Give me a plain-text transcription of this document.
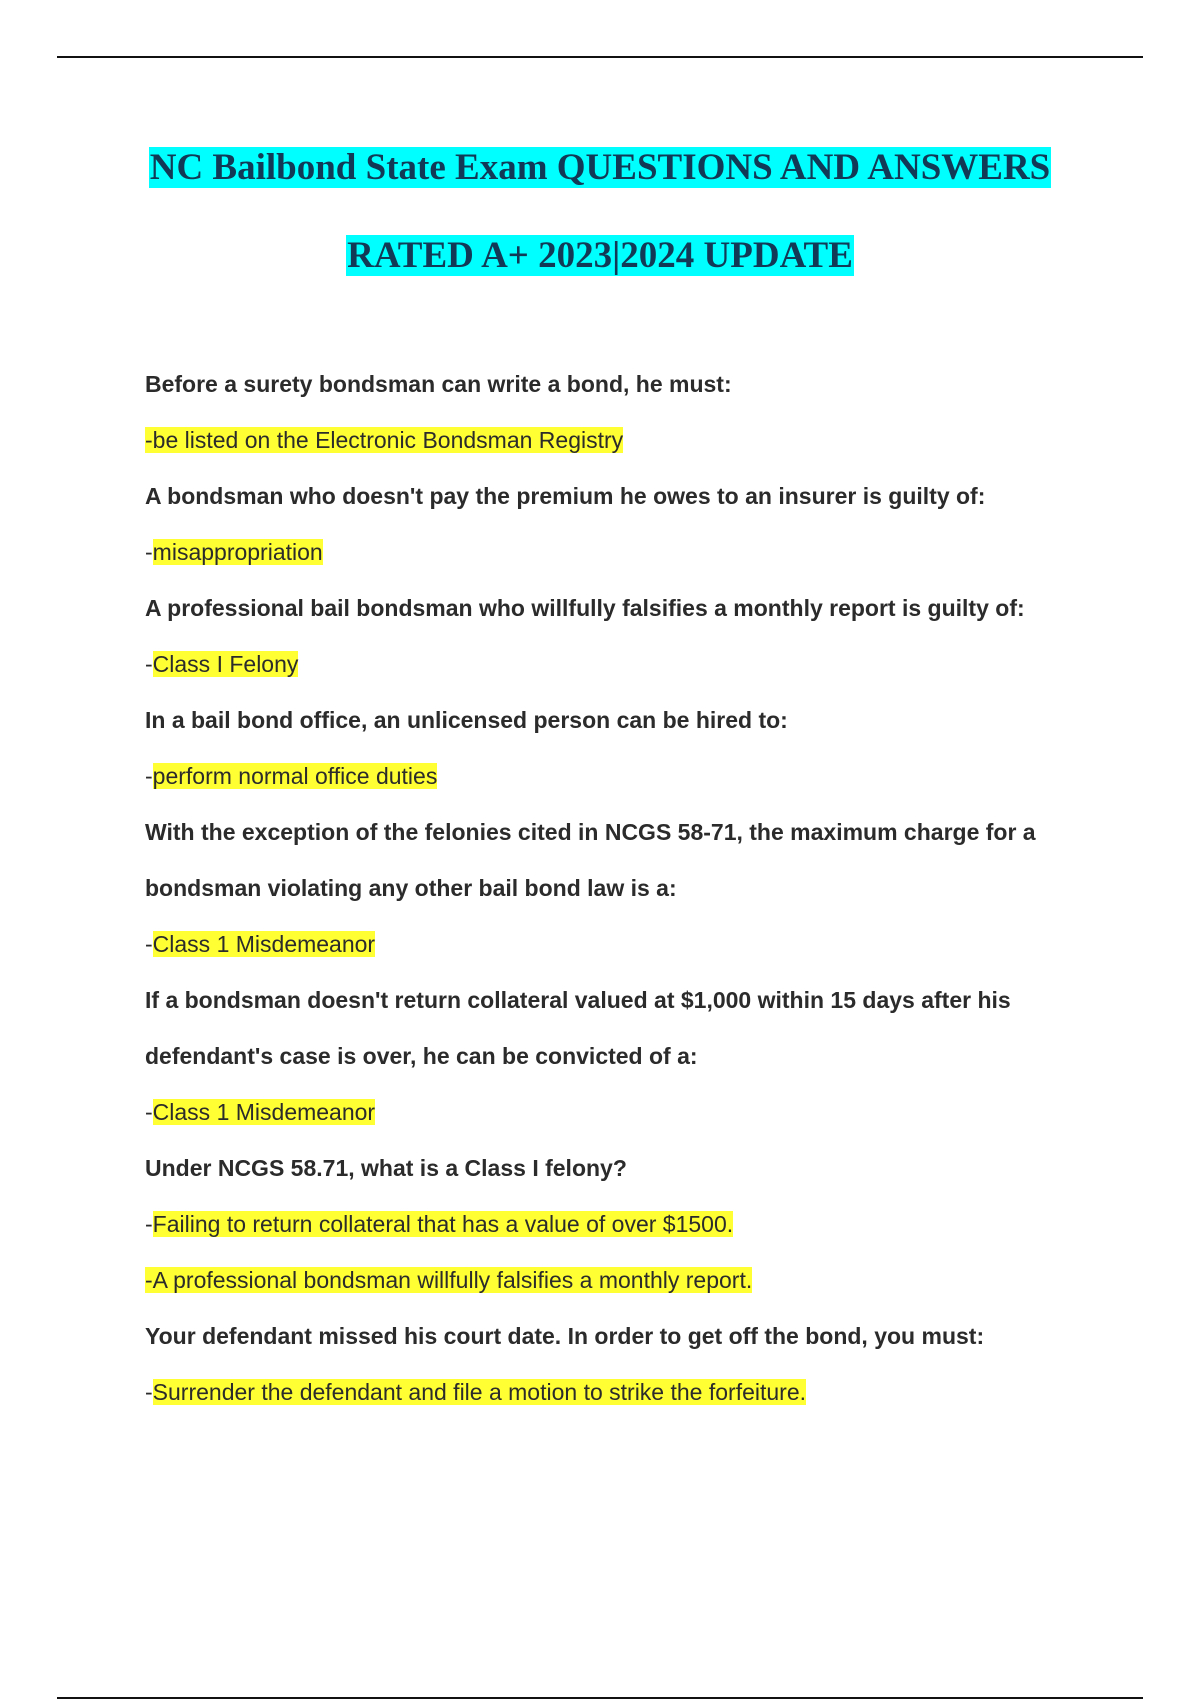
NC Bailbond State Exam QUESTIONS AND ANSWERS
RATED A+ 2023|2024 UPDATE
Before a surety bondsman can write a bond, he must:
-be listed on the Electronic Bondsman Registry
A bondsman who doesn't pay the premium he owes to an insurer is guilty of:
-misappropriation
A professional bail bondsman who willfully falsifies a monthly report is guilty of:
-Class I Felony
In a bail bond office, an unlicensed person can be hired to:
-perform normal office duties
With the exception of the felonies cited in NCGS 58-71, the maximum charge for a
bondsman violating any other bail bond law is a:
-Class 1 Misdemeanor
If a bondsman doesn't return collateral valued at $1,000 within 15 days after his
defendant's case is over, he can be convicted of a:
-Class 1 Misdemeanor
Under NCGS 58.71, what is a Class I felony?
-Failing to return collateral that has a value of over $1500.
-A professional bondsman willfully falsifies a monthly report.
Your defendant missed his court date. In order to get off the bond, you must:
-Surrender the defendant and file a motion to strike the forfeiture.
